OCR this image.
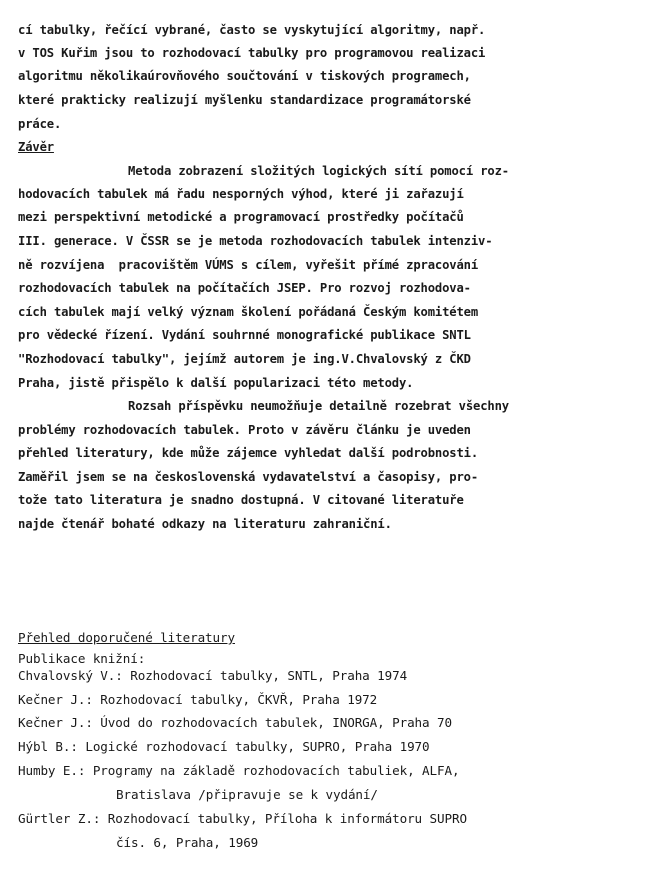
cí tabulky, řečící vybrané, často se vyskytující algoritmy, např.
v TOS Kuřim jsou to rozhodovací tabulky pro programovou realizaci
algoritmu několikaúrovňového součtování v tiskových programech,
které prakticky realizují myšlenku standardizace programátorské
práce.
Závěr
Metoda zobrazení složitých logických sítí pomocí roz-
hodovacích tabulek má řadu nesporných výhod, které ji zařazují
mezi perspektivní metodické a programovací prostředky počítačů
III. generace. V ČSSR se je metoda rozhodovacích tabulek intenziv-
ně rozvíjena  pracovištěm VÚMS s cílem, vyřešit přímé zpracování
rozhodovacích tabulek na počítačích JSEP. Pro rozvoj rozhodova-
cích tabulek mají velký význam školení pořádaná Českým komitétem
pro vědecké řízení. Vydání souhrnné monografické publikace SNTL
"Rozhodovací tabulky", jejímž autorem je ing.V.Chvalovský z ČKD
Praha, jistě přispělo k další popularizaci této metody.
Rozsah příspěvku neumožňuje detailně rozebrat všechny
problémy rozhodovacích tabulek. Proto v závěru článku je uveden
přehled literatury, kde může zájemce vyhledat další podrobnosti.
Zaměřil jsem se na československá vydavatelství a časopisy, pro-
tože tato literatura je snadno dostupná. V citované literatuře
najde čtenář bohaté odkazy na literaturu zahraniční.
Přehled doporučené literatury
Publikace knižní:
Chvalovský V.: Rozhodovací tabulky, SNTL, Praha 1974
Kečner J.: Rozhodovací tabulky, ČKVŘ, Praha 1972
Kečner J.: Úvod do rozhodovacích tabulek, INORGA, Praha 70
Hýbl B.: Logické rozhodovací tabulky, SUPRO, Praha 1970
Humby E.: Programy na základě rozhodovacích tabuliek, ALFA,
Bratislava /připravuje se k vydání/
Gürtler Z.: Rozhodovací tabulky, Příloha k informátoru SUPRO
čís. 6, Praha, 1969
